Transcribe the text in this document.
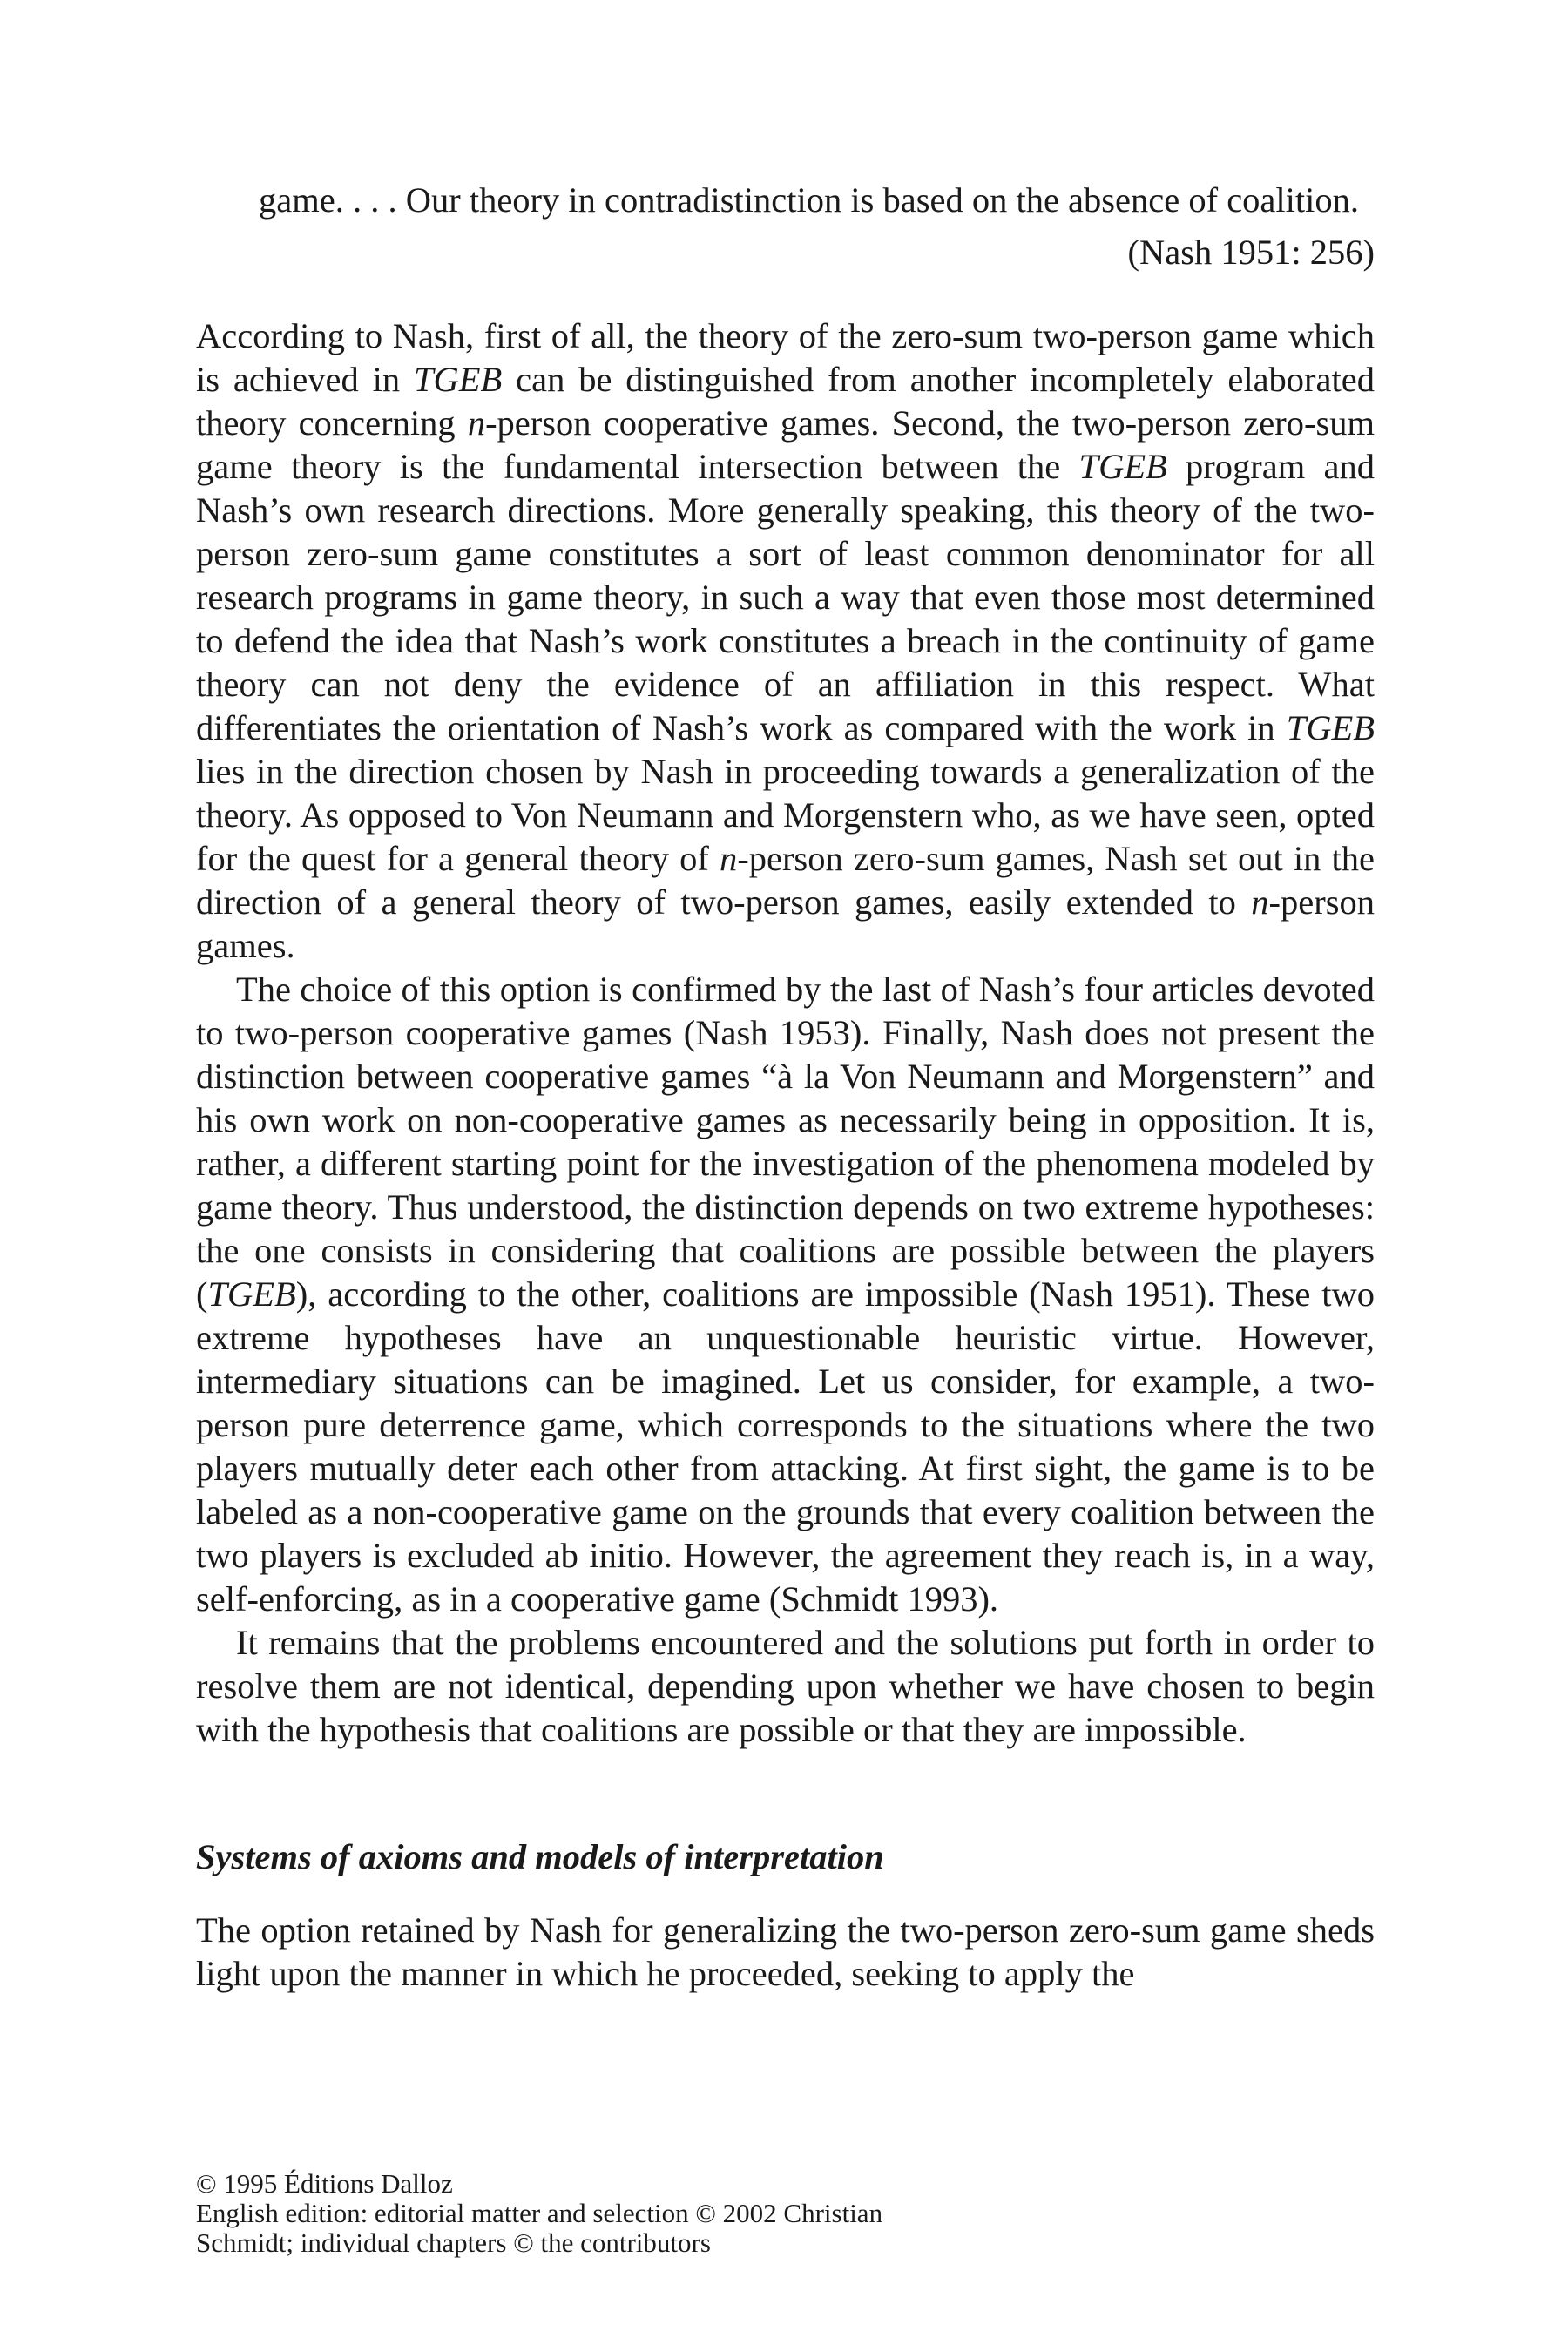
game. . . . Our theory in contradistinction is based on the absence of coalition.

(Nash 1951: 256)

According to Nash, first of all, the theory of the zero-sum two-person game which is achieved in TGEB can be distinguished from another incompletely elaborated theory concerning n-person cooperative games. Second, the two-person zero-sum game theory is the fundamental intersection between the TGEB program and Nash’s own research directions. More generally speaking, this theory of the two-person zero-sum game constitutes a sort of least common denominator for all research programs in game theory, in such a way that even those most determined to defend the idea that Nash’s work constitutes a breach in the continuity of game theory can not deny the evidence of an affiliation in this respect. What differentiates the orientation of Nash’s work as compared with the work in TGEB lies in the direction chosen by Nash in proceeding towards a generalization of the theory. As opposed to Von Neumann and Morgenstern who, as we have seen, opted for the quest for a general theory of n-person zero-sum games, Nash set out in the direction of a general theory of two-person games, easily extended to n-person games.

The choice of this option is confirmed by the last of Nash’s four articles devoted to two-person cooperative games (Nash 1953). Finally, Nash does not present the distinction between cooperative games “à la Von Neumann and Morgenstern” and his own work on non-cooperative games as necessarily being in opposition. It is, rather, a different starting point for the investigation of the phenomena modeled by game theory. Thus understood, the distinction depends on two extreme hypotheses: the one consists in considering that coalitions are possible between the players (TGEB), according to the other, coalitions are impossible (Nash 1951). These two extreme hypotheses have an unquestionable heuristic virtue. However, intermediary situations can be imagined. Let us consider, for example, a two-person pure deterrence game, which corresponds to the situations where the two players mutually deter each other from attacking. At first sight, the game is to be labeled as a non-cooperative game on the grounds that every coalition between the two players is excluded ab initio. However, the agreement they reach is, in a way, self-enforcing, as in a cooperative game (Schmidt 1993).

It remains that the problems encountered and the solutions put forth in order to resolve them are not identical, depending upon whether we have chosen to begin with the hypothesis that coalitions are possible or that they are impossible.

Systems of axioms and models of interpretation

The option retained by Nash for generalizing the two-person zero-sum game sheds light upon the manner in which he proceeded, seeking to apply the

© 1995 Éditions Dalloz
English edition: editorial matter and selection © 2002 Christian
Schmidt; individual chapters © the contributors
